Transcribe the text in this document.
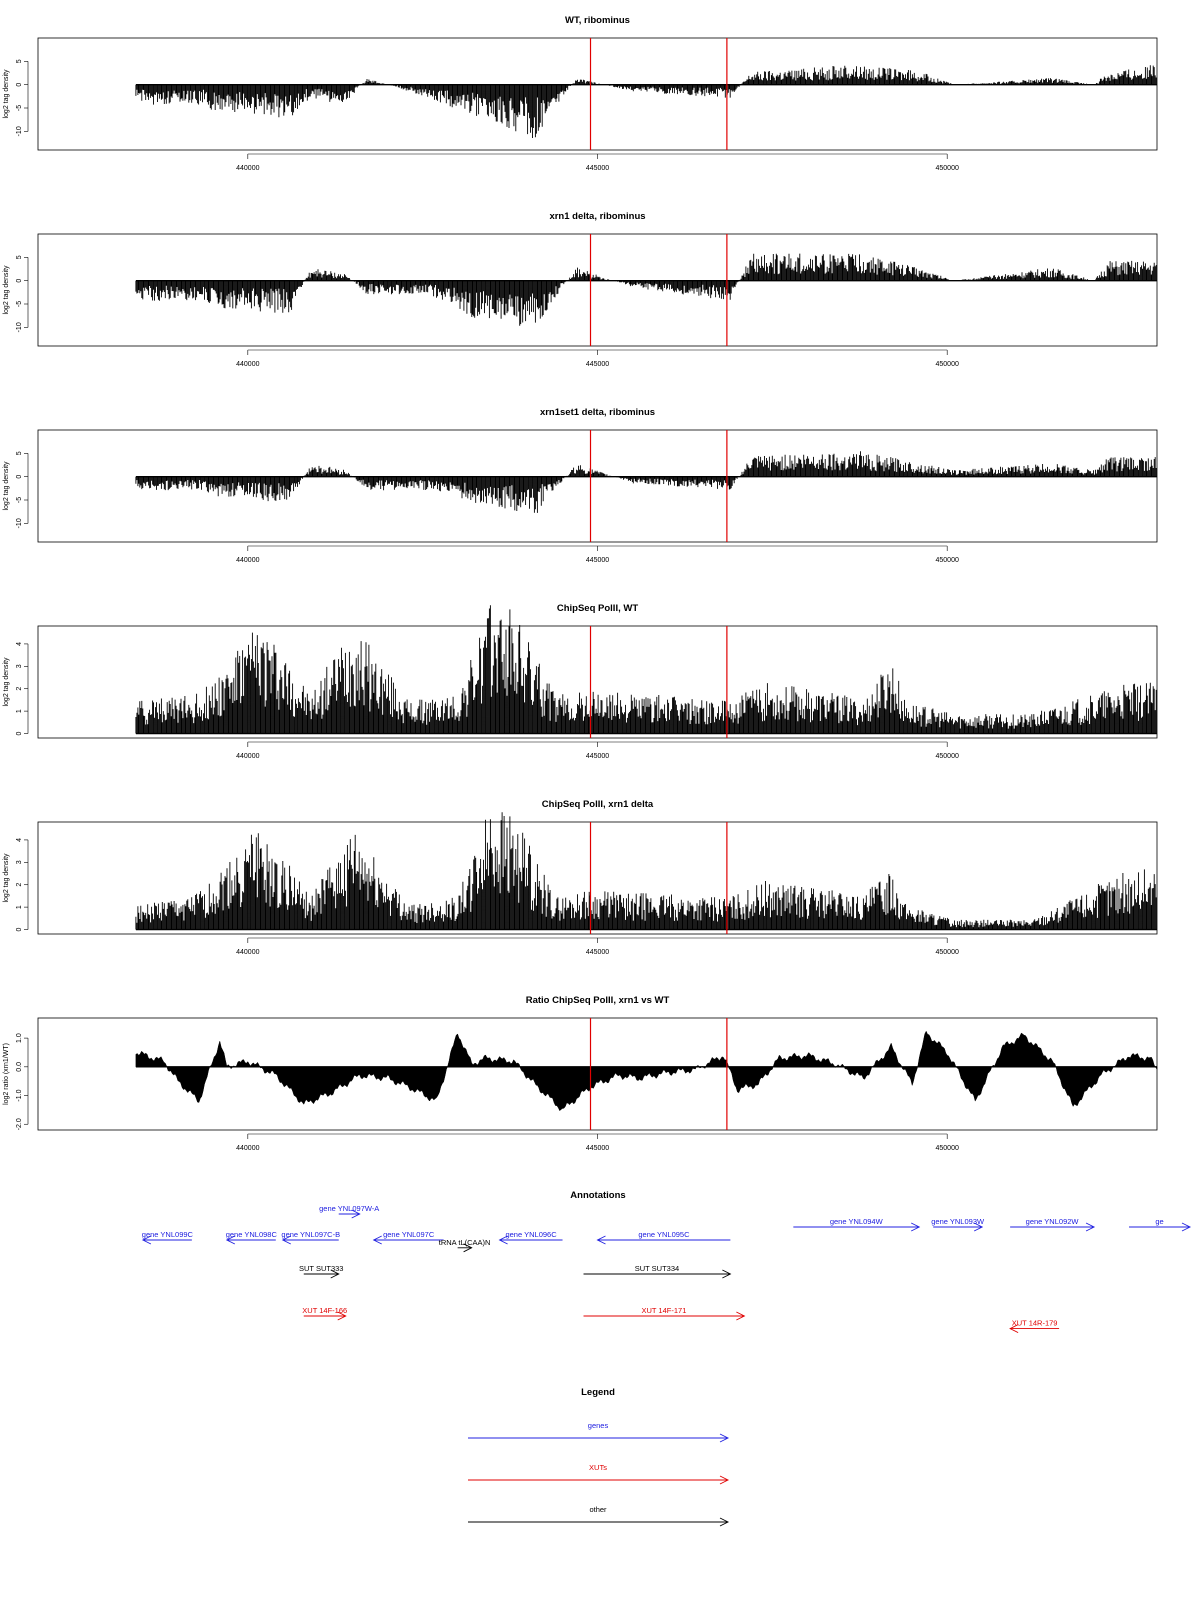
WT, ribominus
-10
-5
0
5
log2 tag density
440000	445000	450000
xrn1 delta, ribominus
-10
-5
0
5
log2 tag density
440000	445000	450000
xrn1set1 delta, ribominus
-10
-5
0
5
log2 tag density
440000	445000	450000
ChipSeq PolII, WT
0
1
2
3
4
log2 tag density
440000	445000	450000
ChipSeq PolII, xrn1 delta
0
1
2
3
4
log2 tag density
440000	445000	450000
Ratio ChipSeq PolII, xrn1 vs WT
-2.0
-1.0
0.0
1.0
log2 ratio (xrn1/WT)
440000	445000	450000
Annotations
gene YNL099C	gene YNL098C gene YNL097C-B
gene YNL097W-A
gene YNL097C
tRNA tL(CAA)N
gene YNL096C	gene YNL095C
gene YNL094W	gene YNL093W	gene YNL092W	ge
SUT SUT333	SUT SUT334
XUT 14F-166	XUT 14F-171
XUT 14R-179
Legend
genes
XUTs
other
